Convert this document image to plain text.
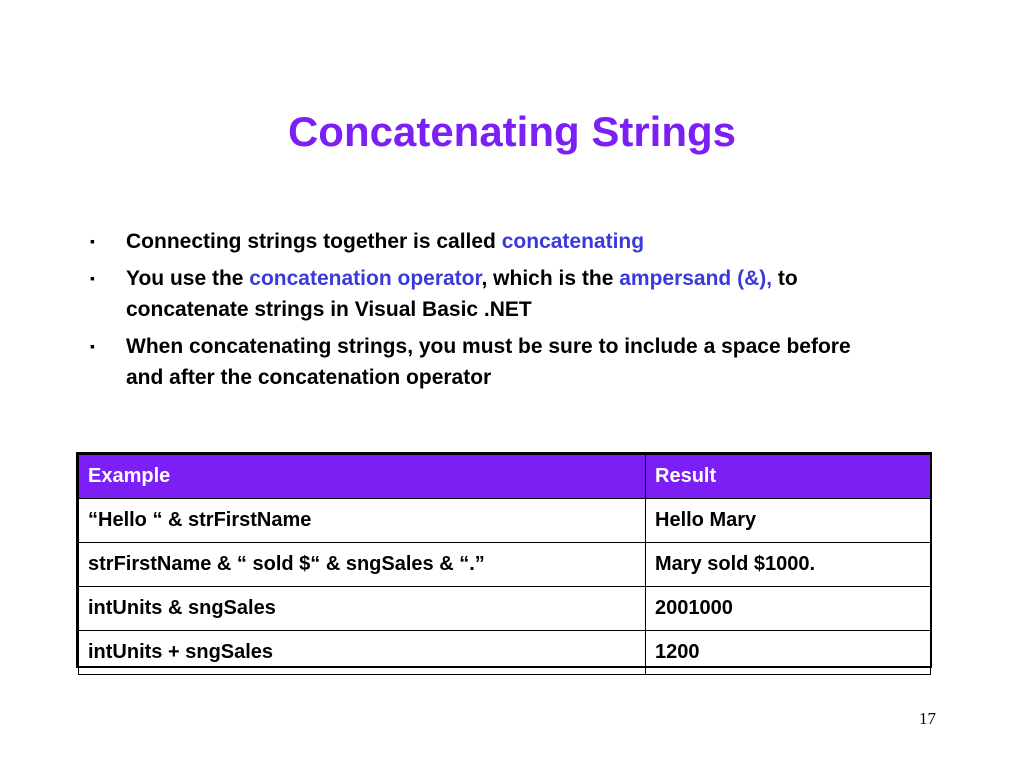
Concatenating Strings
▪ Connecting strings together is called concatenating
▪ You use the concatenation operator, which is the ampersand (&), to concatenate strings in Visual Basic .NET
▪ When concatenating strings, you must be sure to include a space before and after the concatenation operator
Example	Result
“Hello “ & strFirstName	Hello Mary
strFirstName & “ sold $“ & sngSales & “.”	Mary sold $1000.
intUnits & sngSales	2001000
intUnits + sngSales	1200
17
